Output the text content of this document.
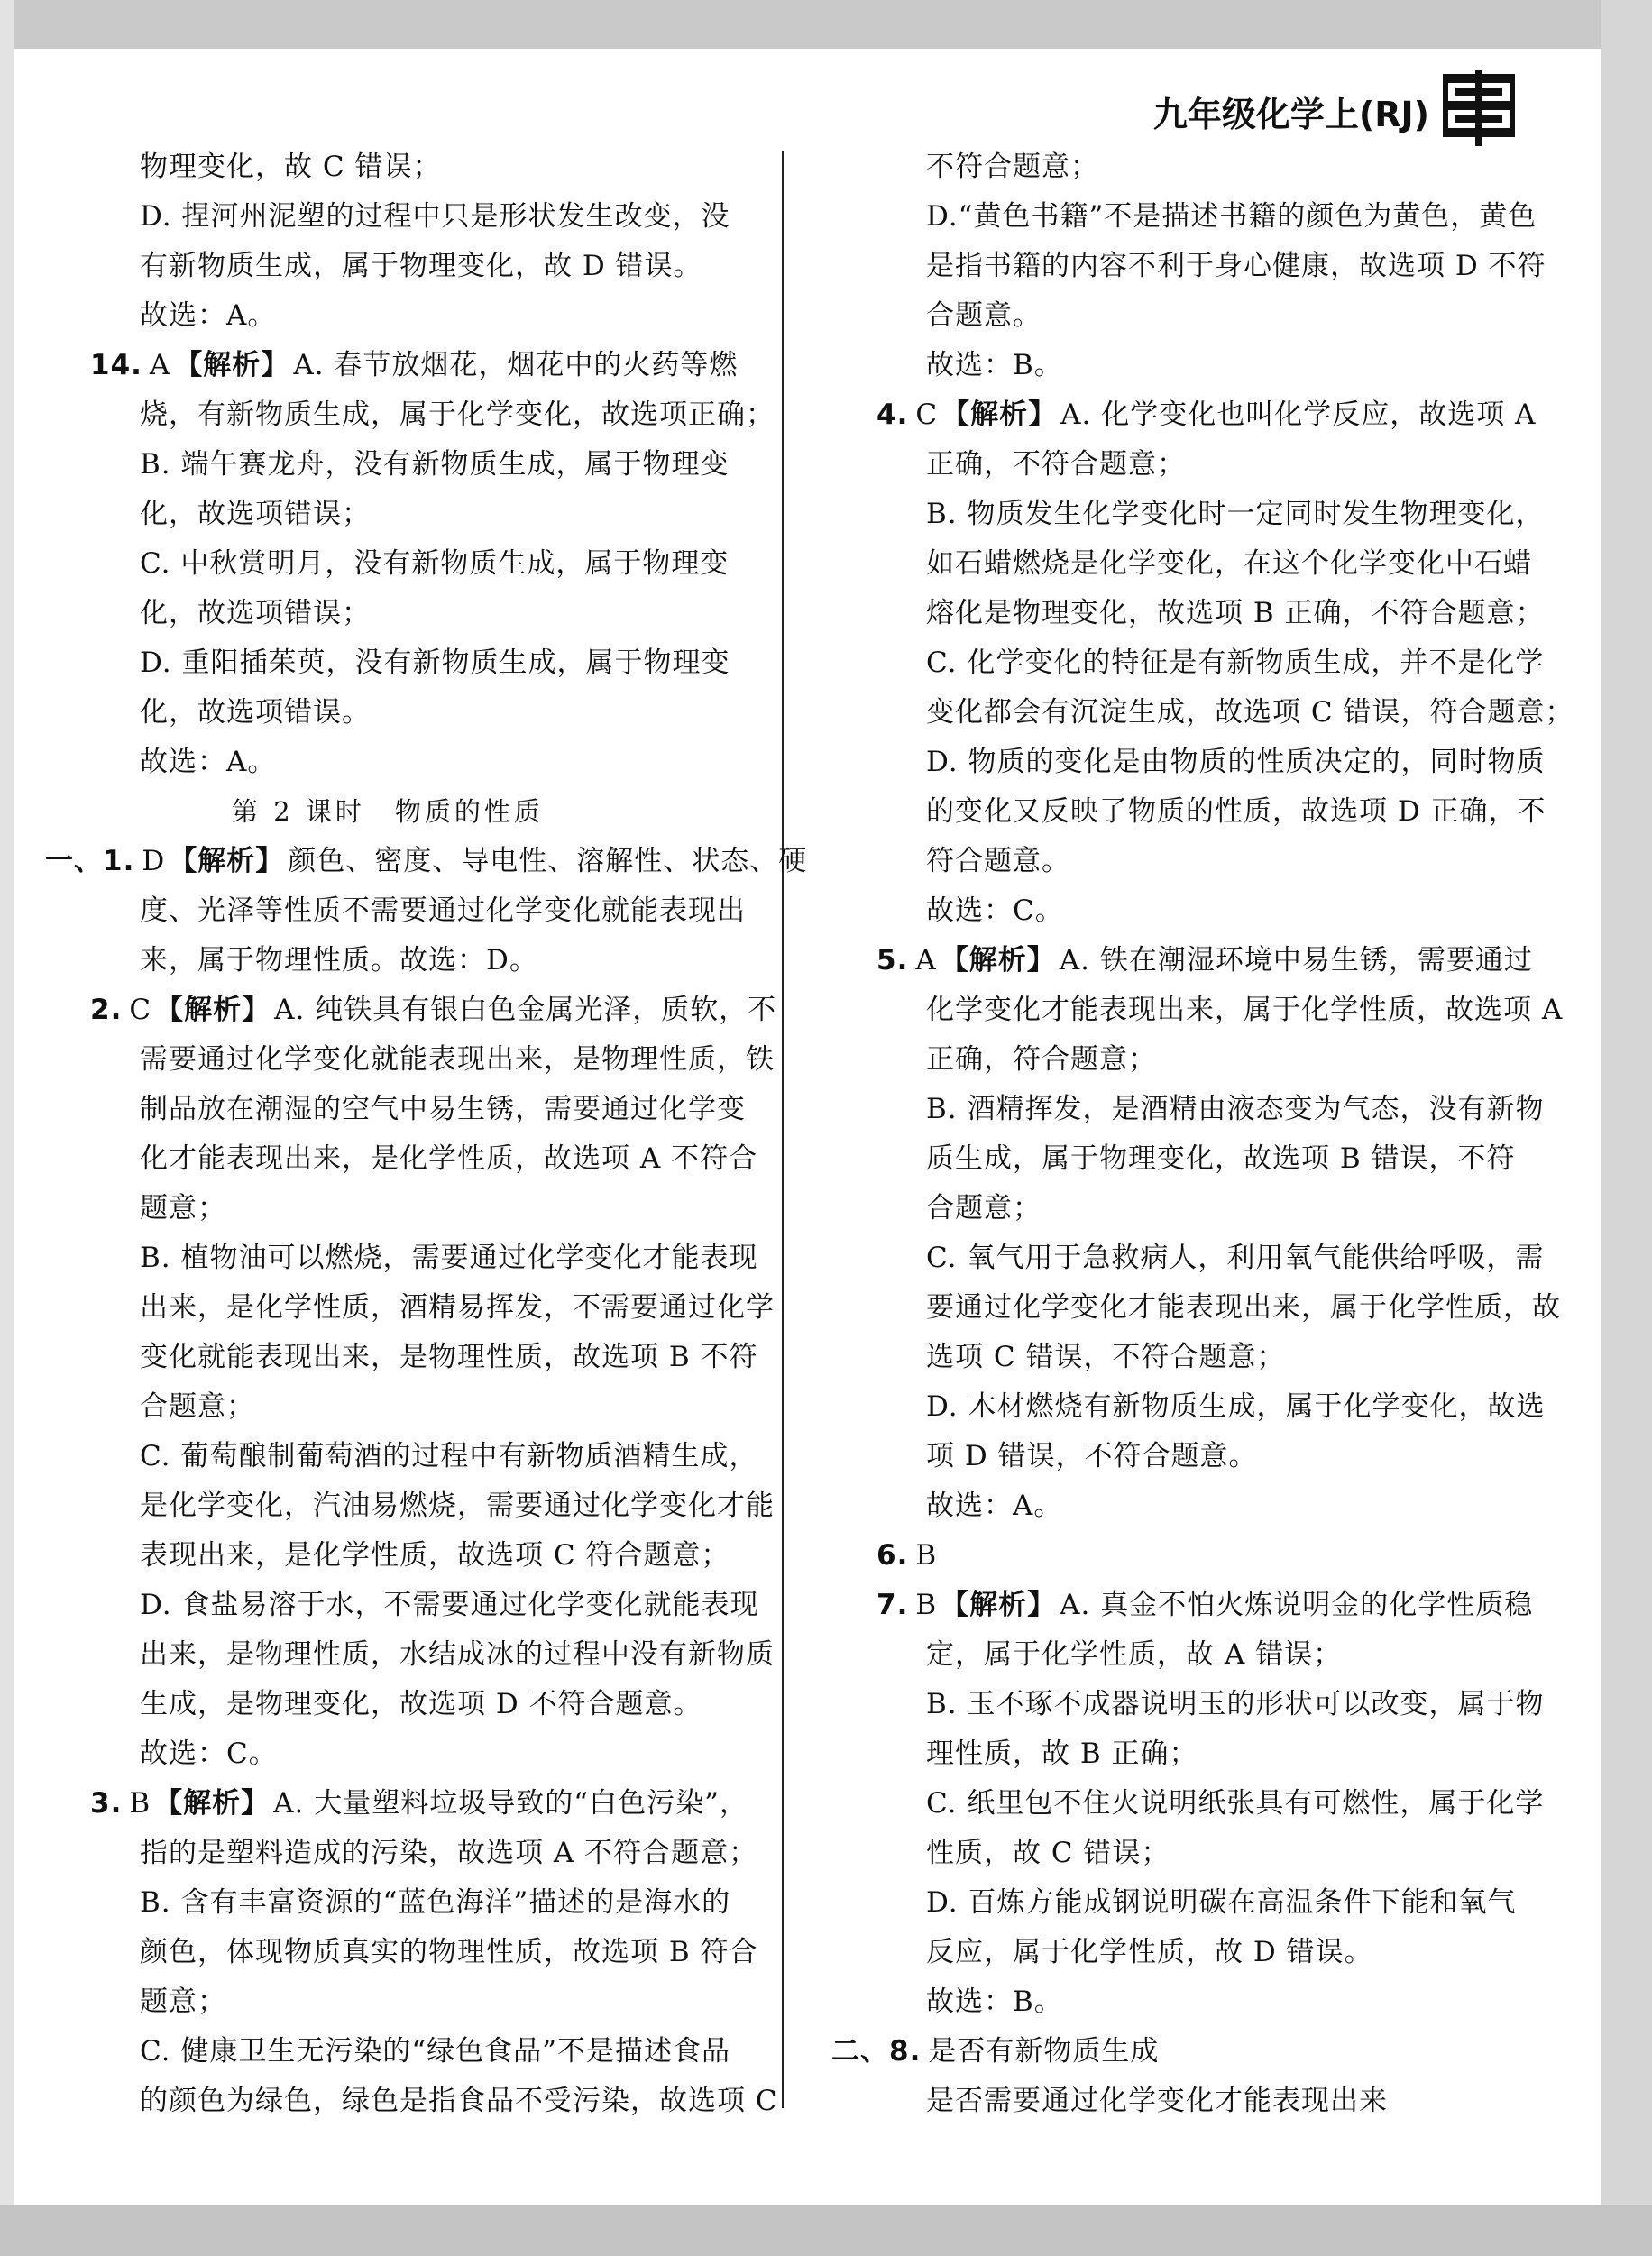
九年级化学上(RJ)
物理变化，故 C 错误；
D. 捏河州泥塑的过程中只是形状发生改变，没
有新物质生成，属于物理变化，故 D 错误。
故选：A。
14. A 【解析】 A. 春节放烟花，烟花中的火药等燃
烧，有新物质生成，属于化学变化，故选项正确；
B. 端午赛龙舟，没有新物质生成，属于物理变
化，故选项错误；
C. 中秋赏明月，没有新物质生成，属于物理变
化，故选项错误；
D. 重阳插茱萸，没有新物质生成，属于物理变
化，故选项错误。
故选：A。
第 2 课时　物质的性质
一、1. D 【解析】 颜色、密度、导电性、溶解性、状态、硬
度、光泽等性质不需要通过化学变化就能表现出
来，属于物理性质。故选：D。
2. C 【解析】 A. 纯铁具有银白色金属光泽，质软，不
需要通过化学变化就能表现出来，是物理性质，铁
制品放在潮湿的空气中易生锈，需要通过化学变
化才能表现出来，是化学性质，故选项 A 不符合
题意；
B. 植物油可以燃烧，需要通过化学变化才能表现
出来，是化学性质，酒精易挥发，不需要通过化学
变化就能表现出来，是物理性质，故选项 B 不符
合题意；
C. 葡萄酿制葡萄酒的过程中有新物质酒精生成，
是化学变化，汽油易燃烧，需要通过化学变化才能
表现出来，是化学性质，故选项 C 符合题意；
D. 食盐易溶于水，不需要通过化学变化就能表现
出来，是物理性质，水结成冰的过程中没有新物质
生成，是物理变化，故选项 D 不符合题意。
故选：C。
3. B 【解析】 A. 大量塑料垃圾导致的“白色污染”，
指的是塑料造成的污染，故选项 A 不符合题意；
B. 含有丰富资源的“蓝色海洋”描述的是海水的
颜色，体现物质真实的物理性质，故选项 B 符合
题意；
C. 健康卫生无污染的“绿色食品”不是描述食品
的颜色为绿色，绿色是指食品不受污染，故选项 C
不符合题意；
D.“黄色书籍”不是描述书籍的颜色为黄色，黄色
是指书籍的内容不利于身心健康，故选项 D 不符
合题意。
故选：B。
4. C 【解析】 A. 化学变化也叫化学反应，故选项 A
正确，不符合题意；
B. 物质发生化学变化时一定同时发生物理变化，
如石蜡燃烧是化学变化，在这个化学变化中石蜡
熔化是物理变化，故选项 B 正确，不符合题意；
C. 化学变化的特征是有新物质生成，并不是化学
变化都会有沉淀生成，故选项 C 错误，符合题意；
D. 物质的变化是由物质的性质决定的，同时物质
的变化又反映了物质的性质，故选项 D 正确，不
符合题意。
故选：C。
5. A 【解析】 A. 铁在潮湿环境中易生锈，需要通过
化学变化才能表现出来，属于化学性质，故选项 A
正确，符合题意；
B. 酒精挥发，是酒精由液态变为气态，没有新物
质生成，属于物理变化，故选项 B 错误，不符
合题意；
C. 氧气用于急救病人，利用氧气能供给呼吸，需
要通过化学变化才能表现出来，属于化学性质，故
选项 C 错误，不符合题意；
D. 木材燃烧有新物质生成，属于化学变化，故选
项 D 错误，不符合题意。
故选：A。
6. B
7. B 【解析】 A. 真金不怕火炼说明金的化学性质稳
定，属于化学性质，故 A 错误；
B. 玉不琢不成器说明玉的形状可以改变，属于物
理性质，故 B 正确；
C. 纸里包不住火说明纸张具有可燃性，属于化学
性质，故 C 错误；
D. 百炼方能成钢说明碳在高温条件下能和氧气
反应，属于化学性质，故 D 错误。
故选：B。
二、8. 是否有新物质生成
是否需要通过化学变化才能表现出来
